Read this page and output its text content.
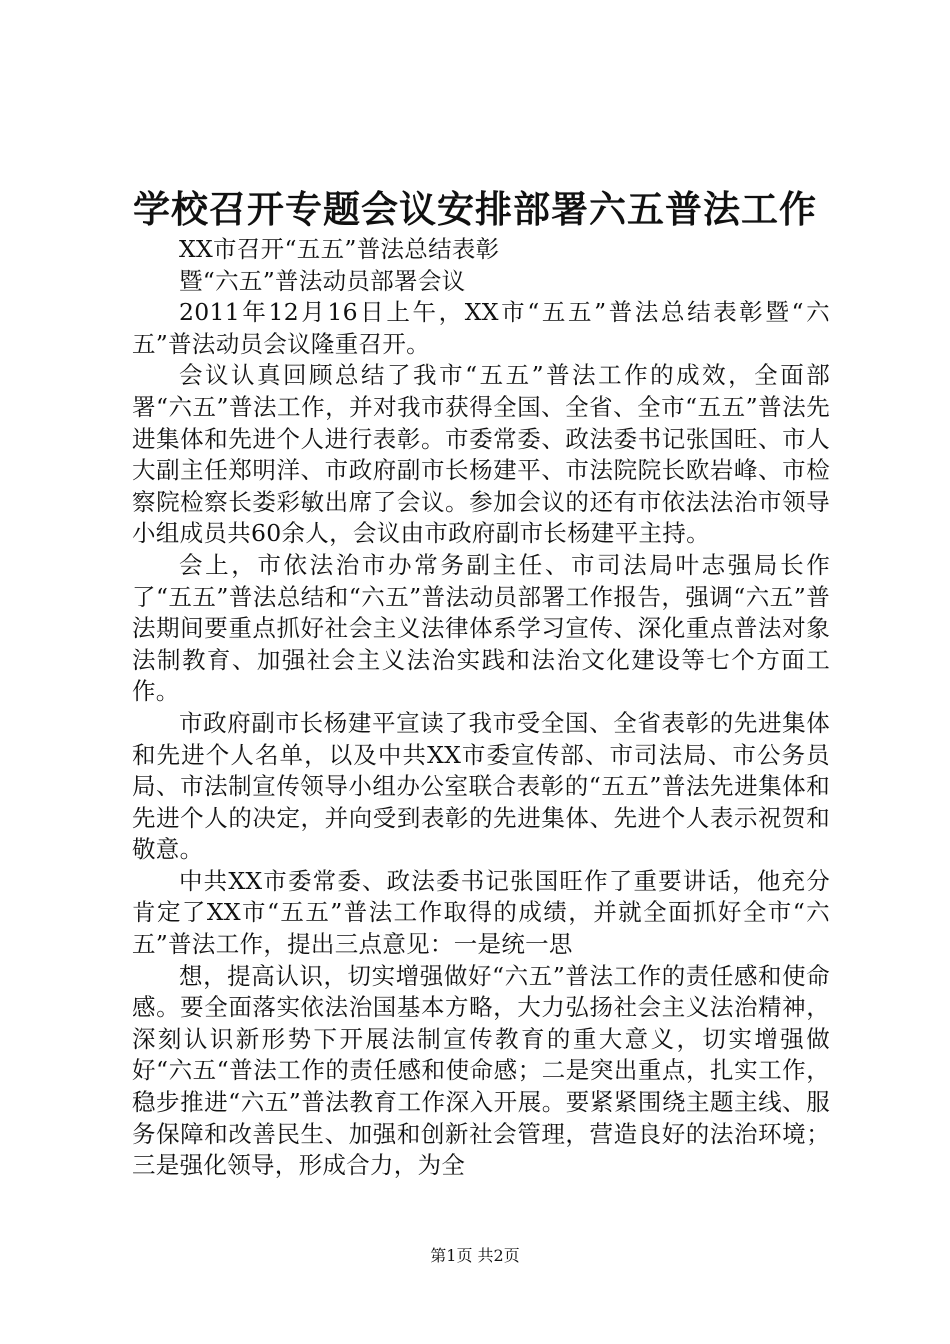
学校召开专题会议安排部署六五普法工作

XX市召开“五五”普法总结表彰

暨“六五”普法动员部署会议

2011年12月16日上午，XX市“五五”普法总结表彰暨“六五”普法动员会议隆重召开。

会议认真回顾总结了我市“五五”普法工作的成效，全面部署“六五”普法工作，并对我市获得全国、全省、全市“五五”普法先进集体和先进个人进行表彰。市委常委、政法委书记张国旺、市人大副主任郑明洋、市政府副市长杨建平、市法院院长欧岩峰、市检察院检察长娄彩敏出席了会议。参加会议的还有市依法法治市领导小组成员共60余人，会议由市政府副市长杨建平主持。

会上，市依法治市办常务副主任、市司法局叶志强局长作了“五五”普法总结和“六五”普法动员部署工作报告，强调“六五”普法期间要重点抓好社会主义法律体系学习宣传、深化重点普法对象法制教育、加强社会主义法治实践和法治文化建设等七个方面工作。

市政府副市长杨建平宣读了我市受全国、全省表彰的先进集体和先进个人名单，以及中共XX市委宣传部、市司法局、市公务员局、市法制宣传领导小组办公室联合表彰的“五五”普法先进集体和先进个人的决定，并向受到表彰的先进集体、先进个人表示祝贺和敬意。

中共XX市委常委、政法委书记张国旺作了重要讲话，他充分肯定了XX市“五五”普法工作取得的成绩，并就全面抓好全市“六五”普法工作，提出三点意见：一是统一思

想，提高认识，切实增强做好“六五”普法工作的责任感和使命感。要全面落实依法治国基本方略，大力弘扬社会主义法治精神，深刻认识新形势下开展法制宣传教育的重大意义，切实增强做好“六五“普法工作的责任感和使命感；二是突出重点，扎实工作，稳步推进“六五”普法教育工作深入开展。要紧紧围绕主题主线、服务保障和改善民生、加强和创新社会管理，营造良好的法治环境；三是强化领导，形成合力，为全

第1页 共2页
